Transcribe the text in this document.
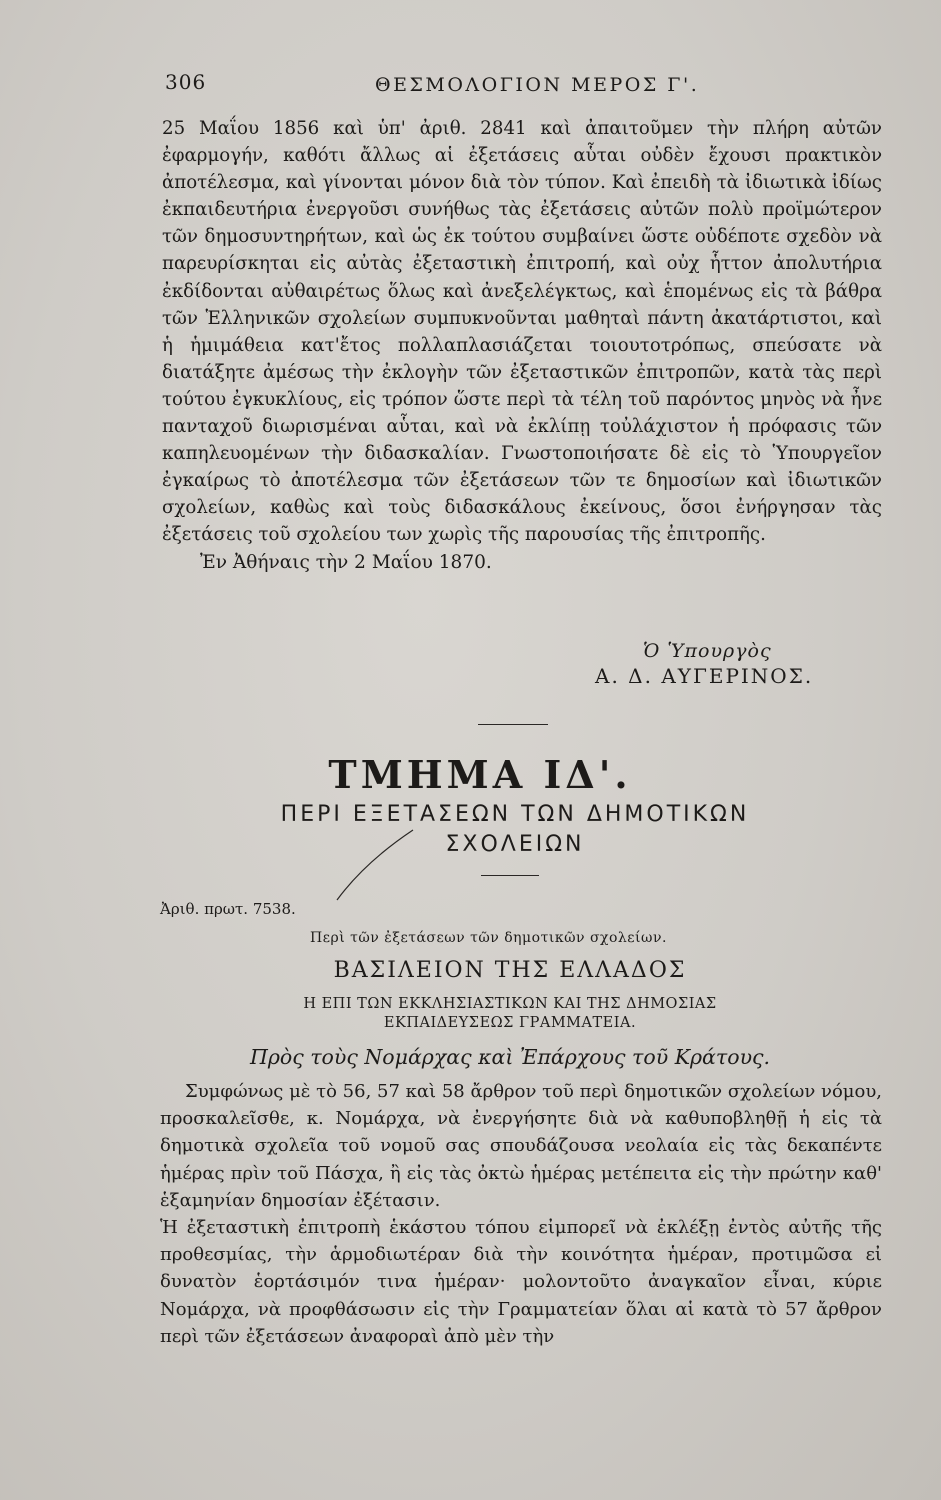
306	ΘΕΣΜΟΛΟΓΙΟΝ ΜΕΡΟΣ Γ'.

25 Μαΐου 1856 καὶ ὑπ' ἀριθ. 2841 καὶ ἀπαιτοῦμεν τὴν πλήρη αὐτῶν ἐφαρμογήν, καθότι ἄλλως αἱ ἐξετάσεις αὗται οὐδὲν ἔχουσι πρακτικὸν ἀποτέλεσμα, καὶ γίνονται μόνον διὰ τὸν τύπον. Καὶ ἐπειδὴ τὰ ἰδιωτικὰ ἰδίως ἐκπαιδευτήρια ἐνεργοῦσι συνήθως τὰς ἐξετάσεις αὐτῶν πολὺ προϊμώτερον τῶν δημοσυντηρήτων, καὶ ὡς ἐκ τούτου συμβαίνει ὥστε οὐδέποτε σχεδὸν νὰ παρευρίσκηται εἰς αὐτὰς ἐξεταστικὴ ἐπιτροπή, καὶ οὐχ ἧττον ἀπολυτήρια ἐκδίδονται αὐθαιρέτως ὅλως καὶ ἀνεξελέγκτως, καὶ ἑπομένως εἰς τὰ βάθρα τῶν Ἑλληνικῶν σχολείων συμπυκνοῦνται μαθηταὶ πάντη ἀκατάρτιστοι, καὶ ἡ ἡμιμάθεια κατ'ἔτος πολλαπλασιάζεται τοιουτοτρόπως, σπεύσατε νὰ διατάξητε ἀμέσως τὴν ἐκλογὴν τῶν ἐξεταστικῶν ἐπιτροπῶν, κατὰ τὰς περὶ τούτου ἐγκυκλίους, εἰς τρόπον ὥστε περὶ τὰ τέλη τοῦ παρόντος μηνὸς νὰ ἦνε πανταχοῦ διωρισμέναι αὗται, καὶ νὰ ἐκλίπῃ τοὐλάχιστον ἡ πρόφασις τῶν καπηλευομένων τὴν διδασκαλίαν. Γνωστοποιήσατε δὲ εἰς τὸ Ὑπουργεῖον ἐγκαίρως τὸ ἀποτέλεσμα τῶν ἐξετάσεων τῶν τε δημοσίων καὶ ἰδιωτικῶν σχολείων, καθὼς καὶ τοὺς διδασκάλους ἐκείνους, ὅσοι ἐνήργησαν τὰς ἐξετάσεις τοῦ σχολείου των χωρὶς τῆς παρουσίας τῆς ἐπιτροπῆς.

Ἐν Ἀθήναις τὴν 2 Μαΐου 1870.

Ὁ Ὑπουργὸς
Α. Δ. ΑΥΓΕΡΙΝΟΣ.
ΤΜΗΜΑ ΙΔ'.
ΠΕΡΙ ΕΞΕΤΑΣΕΩΝ ΤΩΝ ΔΗΜΟΤΙΚΩΝ
ΣΧΟΛΕΙΩΝ
Ἀριθ. πρωτ. 7538.
Περὶ τῶν ἐξετάσεων τῶν δημοτικῶν σχολείων.
ΒΑΣΙΛΕΙΟΝ ΤΗΣ ΕΛΛΑΔΟΣ
Η ΕΠΙ ΤΩΝ ΕΚΚΛΗΣΙΑΣΤΙΚΩΝ ΚΑΙ ΤΗΣ ΔΗΜΟΣΙΑΣ
ΕΚΠΑΙΔΕΥΣΕΩΣ ΓΡΑΜΜΑΤΕΙΑ.
Πρὸς τοὺς Νομάρχας καὶ Ἐπάρχους τοῦ Κράτους.

Συμφώνως μὲ τὸ 56, 57 καὶ 58 ἄρθρον τοῦ περὶ δημοτικῶν σχολείων νόμου, προσκαλεῖσθε, κ. Νομάρχα, νὰ ἐνεργήσητε διὰ νὰ καθυποβληθῇ ἡ εἰς τὰ δημοτικὰ σχολεῖα τοῦ νομοῦ σας σπουδάζουσα νεολαία εἰς τὰς δεκαπέντε ἡμέρας πρὶν τοῦ Πάσχα, ἢ εἰς τὰς ὀκτὼ ἡμέρας μετέπειτα εἰς τὴν πρώτην καθ' ἑξαμηνίαν δημοσίαν ἐξέτασιν.

Ἡ ἐξεταστικὴ ἐπιτροπὴ ἑκάστου τόπου εἰμπορεῖ νὰ ἐκλέξῃ ἐντὸς αὐτῆς τῆς προθεσμίας, τὴν ἁρμοδιωτέραν διὰ τὴν κοινότητα ἡμέραν, προτιμῶσα εἰ δυνατὸν ἑορτάσιμόν τινα ἡμέραν· μολοντοῦτο ἀναγκαῖον εἶναι, κύριε Νομάρχα, νὰ προφθάσωσιν εἰς τὴν Γραμματείαν ὅλαι αἱ κατὰ τὸ 57 ἄρθρον περὶ τῶν ἐξετάσεων ἀναφοραὶ ἀπὸ μὲν τὴν
